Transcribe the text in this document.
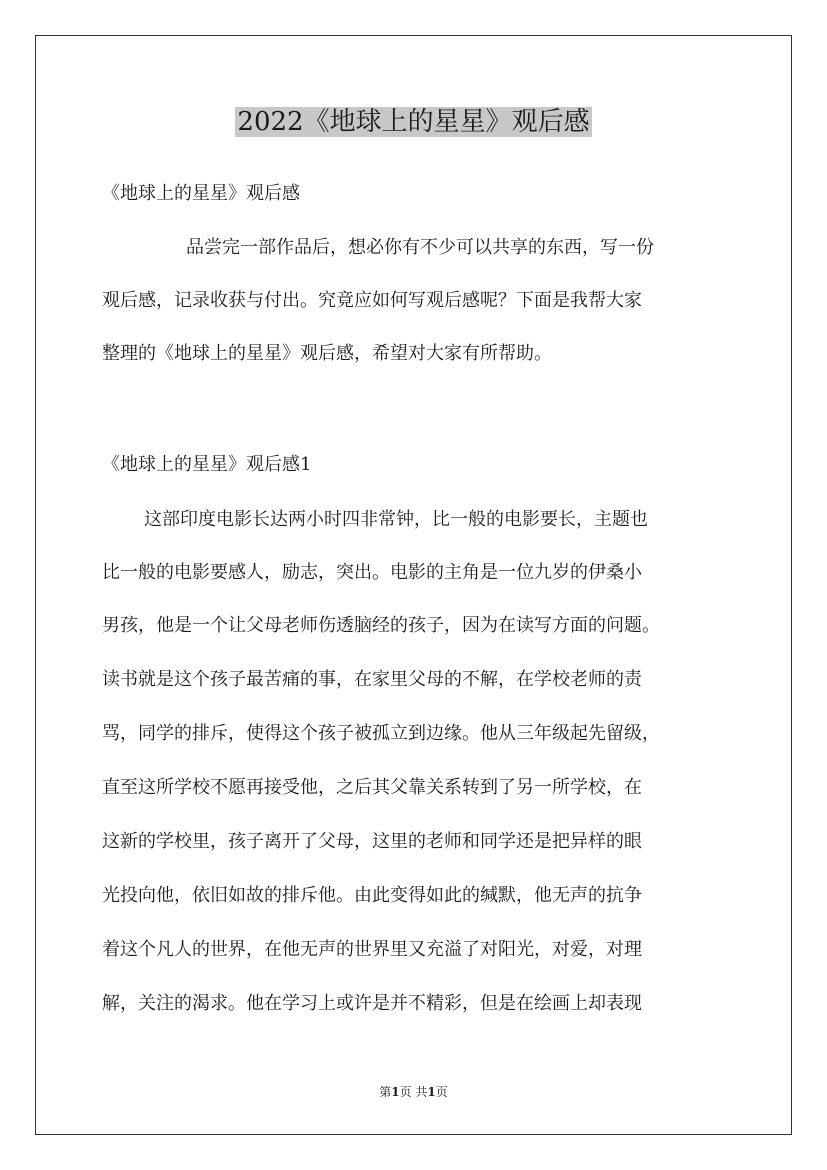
2022《地球上的星星》观后感
《地球上的星星》观后感
品尝完一部作品后，想必你有不少可以共享的东西，写一份
观后感，记录收获与付出。究竟应如何写观后感呢？下面是我帮大家
整理的《地球上的星星》观后感，希望对大家有所帮助。
《地球上的星星》观后感1
这部印度电影长达两小时四非常钟，比一般的电影要长，主题也
比一般的电影要感人，励志，突出。电影的主角是一位九岁的伊桑小
男孩，他是一个让父母老师伤透脑经的孩子，因为在读写方面的问题。
读书就是这个孩子最苦痛的事，在家里父母的不解，在学校老师的责
骂，同学的排斥，使得这个孩子被孤立到边缘。他从三年级起先留级，
直至这所学校不愿再接受他，之后其父靠关系转到了另一所学校，在
这新的学校里，孩子离开了父母，这里的老师和同学还是把异样的眼
光投向他，依旧如故的排斥他。由此变得如此的缄默，他无声的抗争
着这个凡人的世界，在他无声的世界里又充溢了对阳光，对爱，对理
解，关注的渴求。他在学习上或许是并不精彩，但是在绘画上却表现
第1页 共1页
